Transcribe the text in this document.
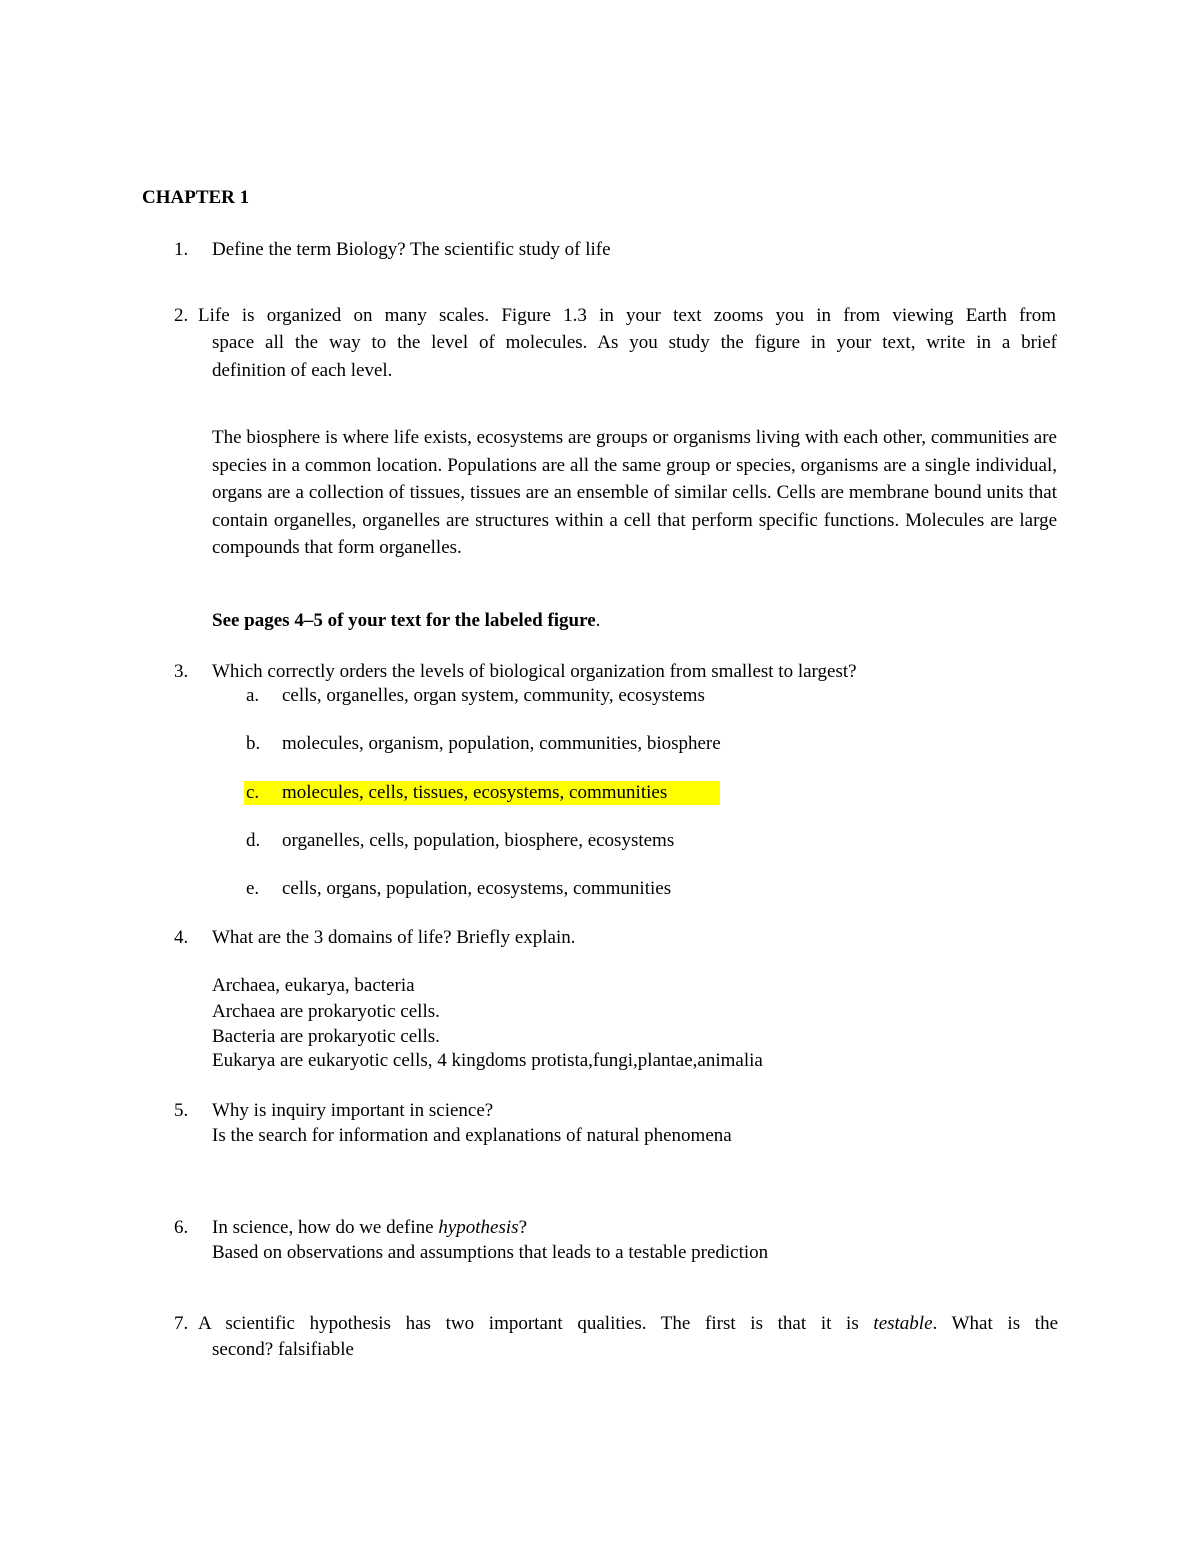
CHAPTER 1
1. Define the term Biology? The scientific study of life
2. Life is organized on many scales. Figure 1.3 in your text zooms you in from viewing Earth from
space all the way to the level of molecules. As you study the figure in your text, write in a brief
definition of each level.
The biosphere is where life exists, ecosystems are groups or organisms living with each other, communities are species in a common location. Populations are all the same group or species, organisms are a single individual, organs are a collection of tissues, tissues are an ensemble of similar cells. Cells are membrane bound units that contain organelles, organelles are structures within a cell that perform specific functions. Molecules are large compounds that form organelles.
See pages 4–5 of your text for the labeled figure.
3. Which correctly orders the levels of biological organization from smallest to largest?
a. cells, organelles, organ system, community, ecosystems
b. molecules, organism, population, communities, biosphere
c. molecules, cells, tissues, ecosystems, communities
d. organelles, cells, population, biosphere, ecosystems
e. cells, organs, population, ecosystems, communities
4. What are the 3 domains of life? Briefly explain.
Archaea, eukarya, bacteria
Archaea are prokaryotic cells.
Bacteria are prokaryotic cells.
Eukarya are eukaryotic cells, 4 kingdoms protista,fungi,plantae,animalia
5. Why is inquiry important in science?
Is the search for information and explanations of natural phenomena
6. In science, how do we define hypothesis?
Based on observations and assumptions that leads to a testable prediction
7. A scientific hypothesis has two important qualities. The first is that it is testable. What is the
second? falsifiable
